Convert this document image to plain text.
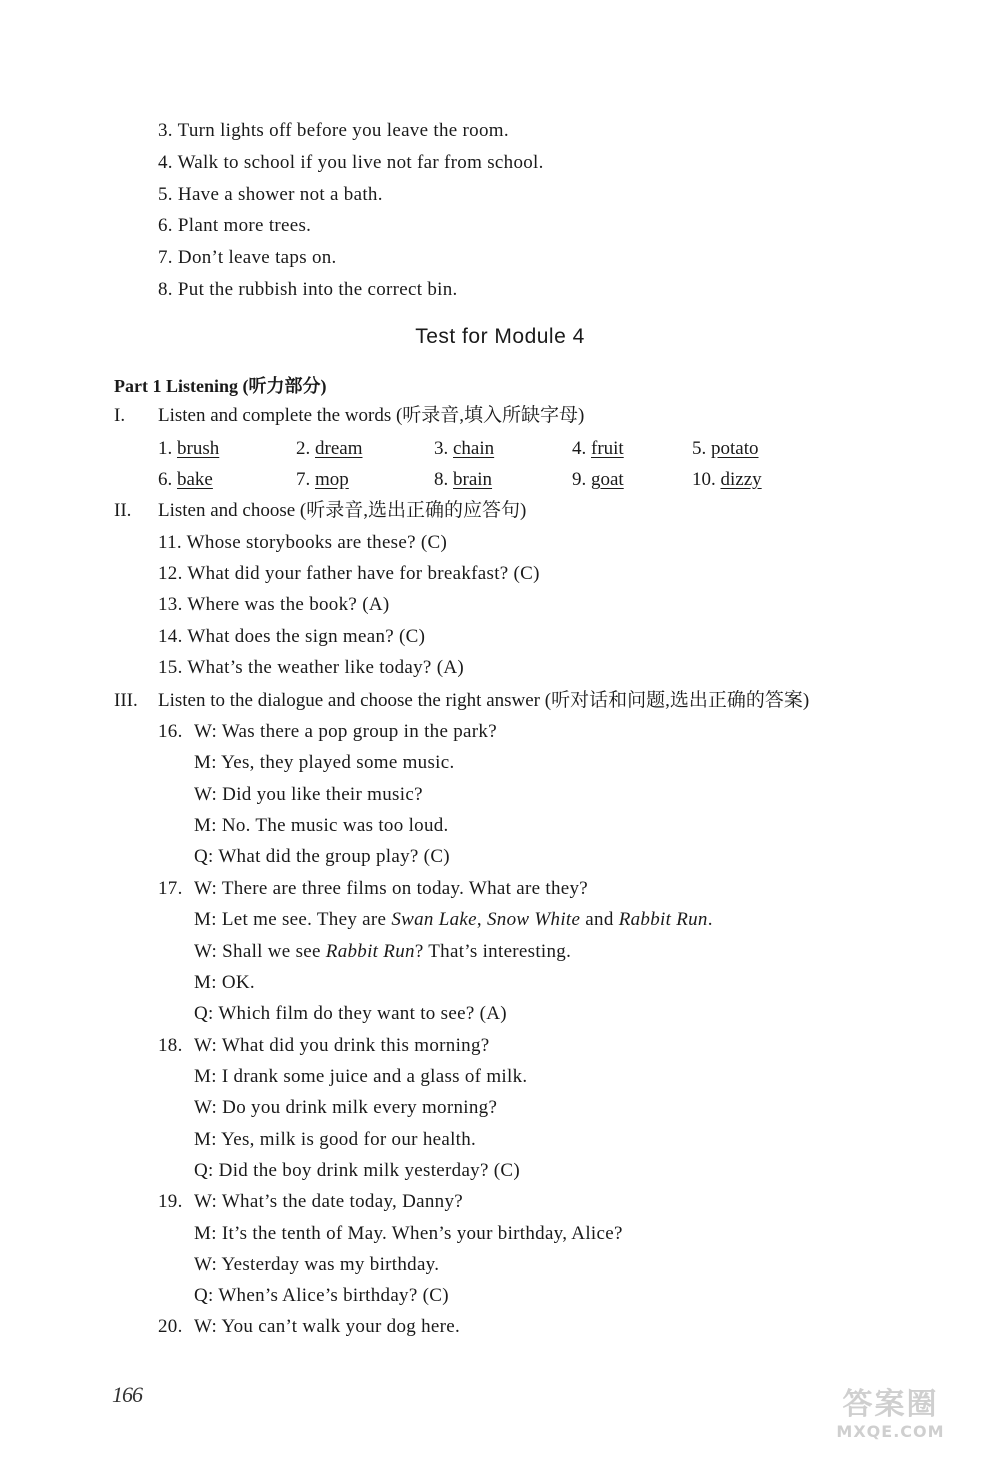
3. Turn lights off before you leave the room.
4. Walk to school if you live not far from school.
5. Have a shower not a bath.
6. Plant more trees.
7. Don’t leave taps on.
8. Put the rubbish into the correct bin.
Test for Module 4
Part 1 Listening (听力部分)
I. Listen and complete the words (听录音,填入所缺字母)
1. brush	2. dream	3. chain	4. fruit	5. potato
6. bake	7. mop	8. brain	9. goat	10. dizzy
II. Listen and choose (听录音,选出正确的应答句)
11. Whose storybooks are these? (C)
12. What did your father have for breakfast? (C)
13. Where was the book? (A)
14. What does the sign mean? (C)
15. What’s the weather like today? (A)
III. Listen to the dialogue and choose the right answer (听对话和问题,选出正确的答案)
16. W: Was there a pop group in the park?
M: Yes, they played some music.
W: Did you like their music?
M: No. The music was too loud.
Q: What did the group play? (C)
17. W: There are three films on today. What are they?
M: Let me see. They are Swan Lake, Snow White and Rabbit Run.
W: Shall we see Rabbit Run? That’s interesting.
M: OK.
Q: Which film do they want to see? (A)
18. W: What did you drink this morning?
M: I drank some juice and a glass of milk.
W: Do you drink milk every morning?
M: Yes, milk is good for our health.
Q: Did the boy drink milk yesterday? (C)
19. W: What’s the date today, Danny?
M: It’s the tenth of May. When’s your birthday, Alice?
W: Yesterday was my birthday.
Q: When’s Alice’s birthday? (C)
20. W: You can’t walk your dog here.
166	答案圈
MXQE.COM
